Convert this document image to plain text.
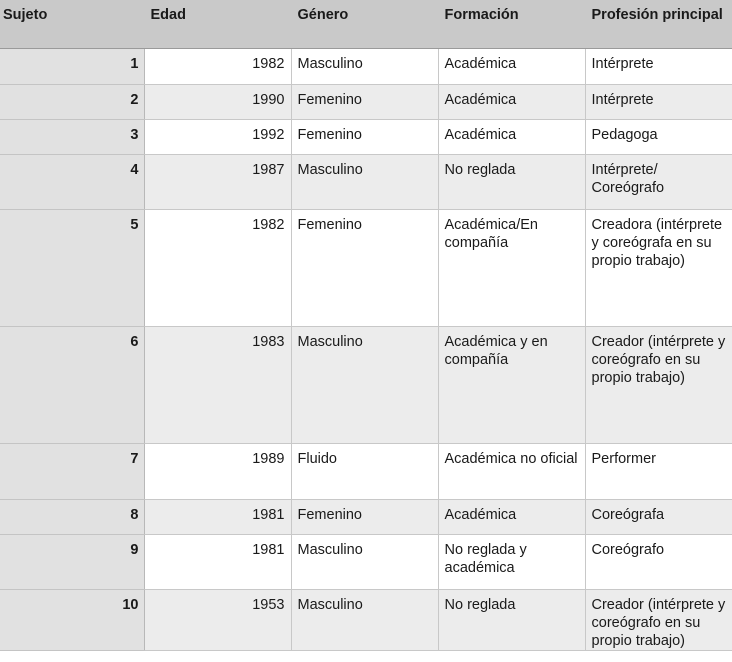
Sujeto	Edad	Género	Formación	Profesión principal
1	1982	Masculino	Académica	Intérprete
2	1990	Femenino	Académica	Intérprete
3	1992	Femenino	Académica	Pedagoga
4	1987	Masculino	No reglada	Intérprete/ Coreógrafo
5	1982	Femenino	Académica/En compañía	Creadora (intérprete y coreógrafa en su propio trabajo)
6	1983	Masculino	Académica y en compañía	Creador (intérprete y coreógrafo en su propio trabajo)
7	1989	Fluido	Académica no oficial	Performer
8	1981	Femenino	Académica	Coreógrafa
9	1981	Masculino	No reglada y académica	Coreógrafo
10	1953	Masculino	No reglada	Creador (intérprete y coreógrafo en su propio trabajo)
